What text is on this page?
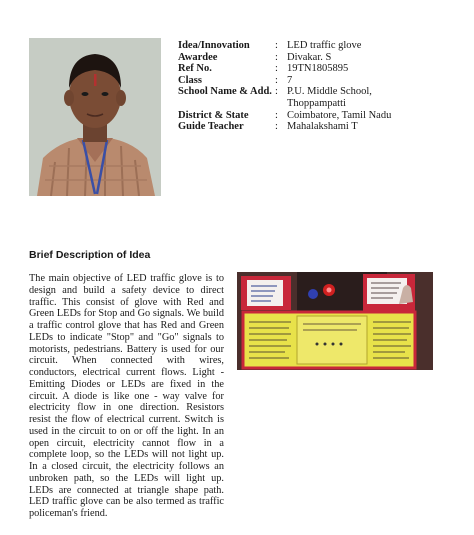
Idea/Innovation	: LED traffic glove
Awardee	: Divakar. S
Ref No.	: 19TN1805895
Class	: 7
School Name & Add. : P.U. Middle School,
Thoppampatti
District & State	: Coimbatore, Tamil Nadu
Guide Teacher	: Mahalakshami T
Brief Description of Idea

The main objective of LED traffic glove is to design and build a safety device to direct traffic. This consist of glove with Red and Green LEDs for Stop and Go signals. We build a traffic control glove that has Red and Green LEDs to indicate "Stop" and "Go" signals to motorists, pedestrians. Battery is used for our circuit. When connected with wires, conductors, electrical current flows. Light - Emitting Diodes or LEDs are fixed in the circuit. A diode is like one - way valve for electricity flow in one direction. Resistors resist the flow of electrical current. Switch is used in the circuit to on or off the light. In an open circuit, electricity cannot flow in a complete loop, so the LEDs will not light up. In a closed circuit, the electricity follows an unbroken path, so the LEDs will light up. LEDs are connected at triangle shape path. LED traffic glove can be also termed as traffic policeman's friend.
